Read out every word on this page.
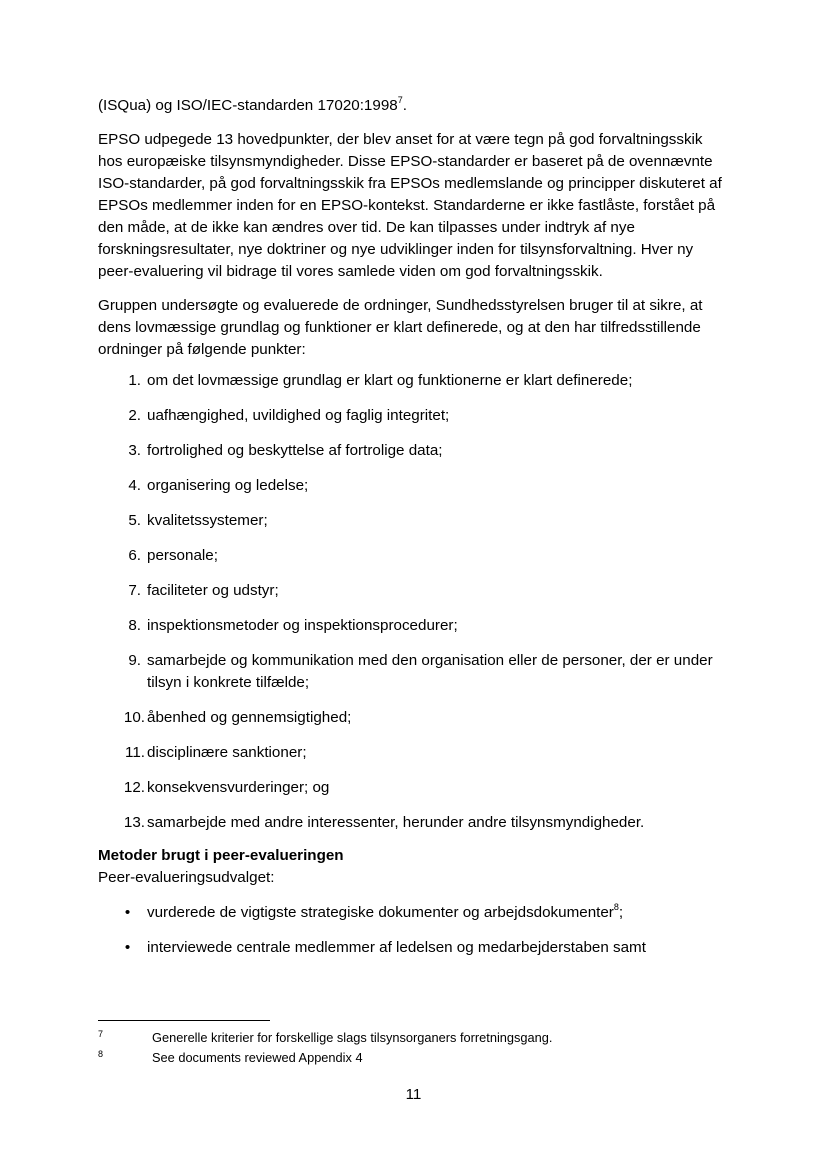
(ISQua) og ISO/IEC-standarden 17020:1998$^7$.

EPSO udpegede 13 hovedpunkter, der blev anset for at være tegn på god forvaltningsskik hos europæiske tilsynsmyndigheder. Disse EPSO-standarder er baseret på de ovennævnte ISO-standarder, på god forvaltningsskik fra EPSOs medlemslande og principper diskuteret af EPSOs medlemmer inden for en EPSO-kontekst. Standarderne er ikke fastlåste, forstået på den måde, at de ikke kan ændres over tid. De kan tilpasses under indtryk af nye forskningsresultater, nye doktriner og nye udviklinger inden for tilsynsforvaltning. Hver ny peer-evaluering vil bidrage til vores samlede viden om god forvaltningsskik.

Gruppen undersøgte og evaluerede de ordninger, Sundhedsstyrelsen bruger til at sikre, at dens lovmæssige grundlag og funktioner er klart definerede, og at den har tilfredsstillende ordninger på følgende punkter:

1. om det lovmæssige grundlag er klart og funktionerne er klart definerede;
2. uafhængighed, uvildighed og faglig integritet;
3. fortrolighed og beskyttelse af fortrolige data;
4. organisering og ledelse;
5. kvalitetssystemer;
6. personale;
7. faciliteter og udstyr;
8. inspektionsmetoder og inspektionsprocedurer;
9. samarbejde og kommunikation med den organisation eller de personer, der er under tilsyn i konkrete tilfælde;
10. åbenhed og gennemsigtighed;
11. disciplinære sanktioner;
12. konsekvensvurderinger; og
13. samarbejde med andre interessenter, herunder andre tilsynsmyndigheder.

Metoder brugt i peer-evalueringen

Peer-evalueringsudvalget:

•	vurderede de vigtigste strategiske dokumenter og arbejdsdokumenter$^8$;
•	interviewede centrale medlemmer af ledelsen og medarbejderstaben samt
7	Generelle kriterier for forskellige slags tilsynsorganers forretningsgang.
8	See documents reviewed Appendix 4
11
